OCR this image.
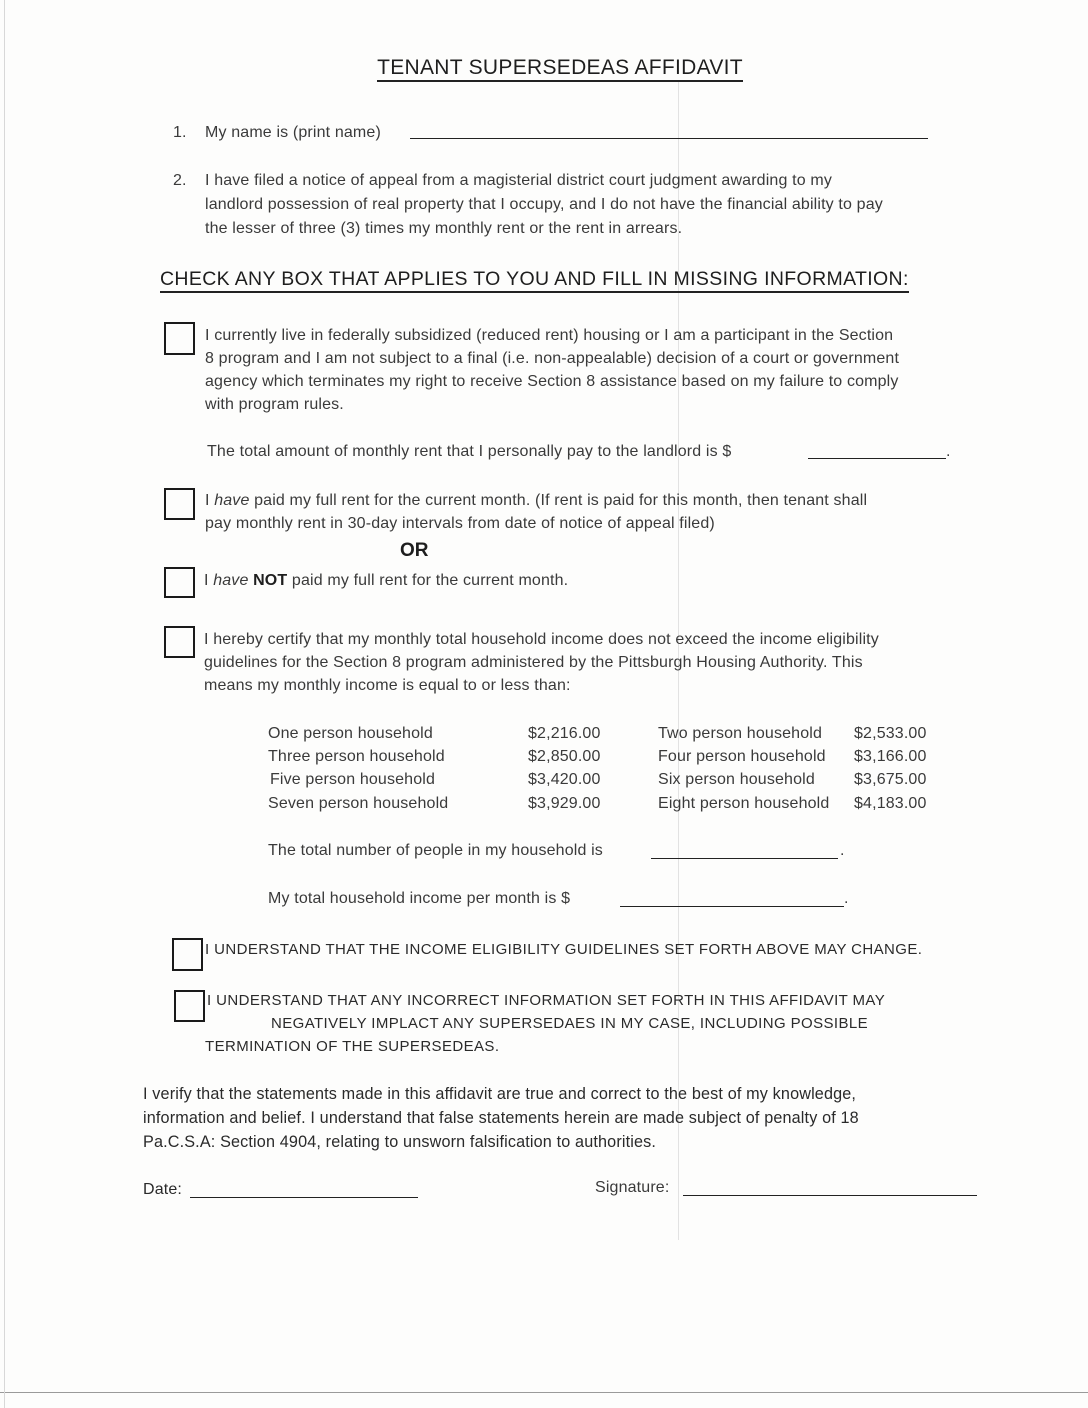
TENANT SUPERSEDEAS AFFIDAVIT
1. My name is (print name)
2. I have filed a notice of appeal from a magisterial district court judgment awarding to my
landlord possession of real property that I occupy, and I do not have the financial ability to pay
the lesser of three (3) times my monthly rent or the rent in arrears.
CHECK ANY BOX THAT APPLIES TO YOU AND FILL IN MISSING INFORMATION:
I currently live in federally subsidized (reduced rent) housing or I am a participant in the Section
8 program and I am not subject to a final (i.e. non-appealable) decision of a court or government
agency which terminates my right to receive Section 8 assistance based on my failure to comply
with program rules.
The total amount of monthly rent that I personally pay to the landlord is $	.
I have paid my full rent for the current month. (If rent is paid for this month, then tenant shall
pay monthly rent in 30-day intervals from date of notice of appeal filed)
OR
I have NOT paid my full rent for the current month.
I hereby certify that my monthly total household income does not exceed the income eligibility
guidelines for the Section 8 program administered by the Pittsburgh Housing Authority. This
means my monthly income is equal to or less than:
One person household	$2,216.00	Two person household $2,533.00
Three person household	$2,850.00	Four person household $3,166.00
Five person household	$3,420.00	Six person household $3,675.00
Seven person household	$3,929.00	Eight person household $4,183.00
The total number of people in my household is	.
My total household income per month is $	.
I UNDERSTAND THAT THE INCOME ELIGIBILITY GUIDELINES SET FORTH ABOVE MAY CHANGE.
I UNDERSTAND THAT ANY INCORRECT INFORMATION SET FORTH IN THIS AFFIDAVIT MAY
NEGATIVELY IMPLACT ANY SUPERSEDAES IN MY CASE, INCLUDING POSSIBLE
TERMINATION OF THE SUPERSEDEAS.
I verify that the statements made in this affidavit are true and correct to the best of my knowledge,
information and belief. I understand that false statements herein are made subject of penalty of 18
Pa.C.S.A: Section 4904, relating to unsworn falsification to authorities.
Date:	Signature:
